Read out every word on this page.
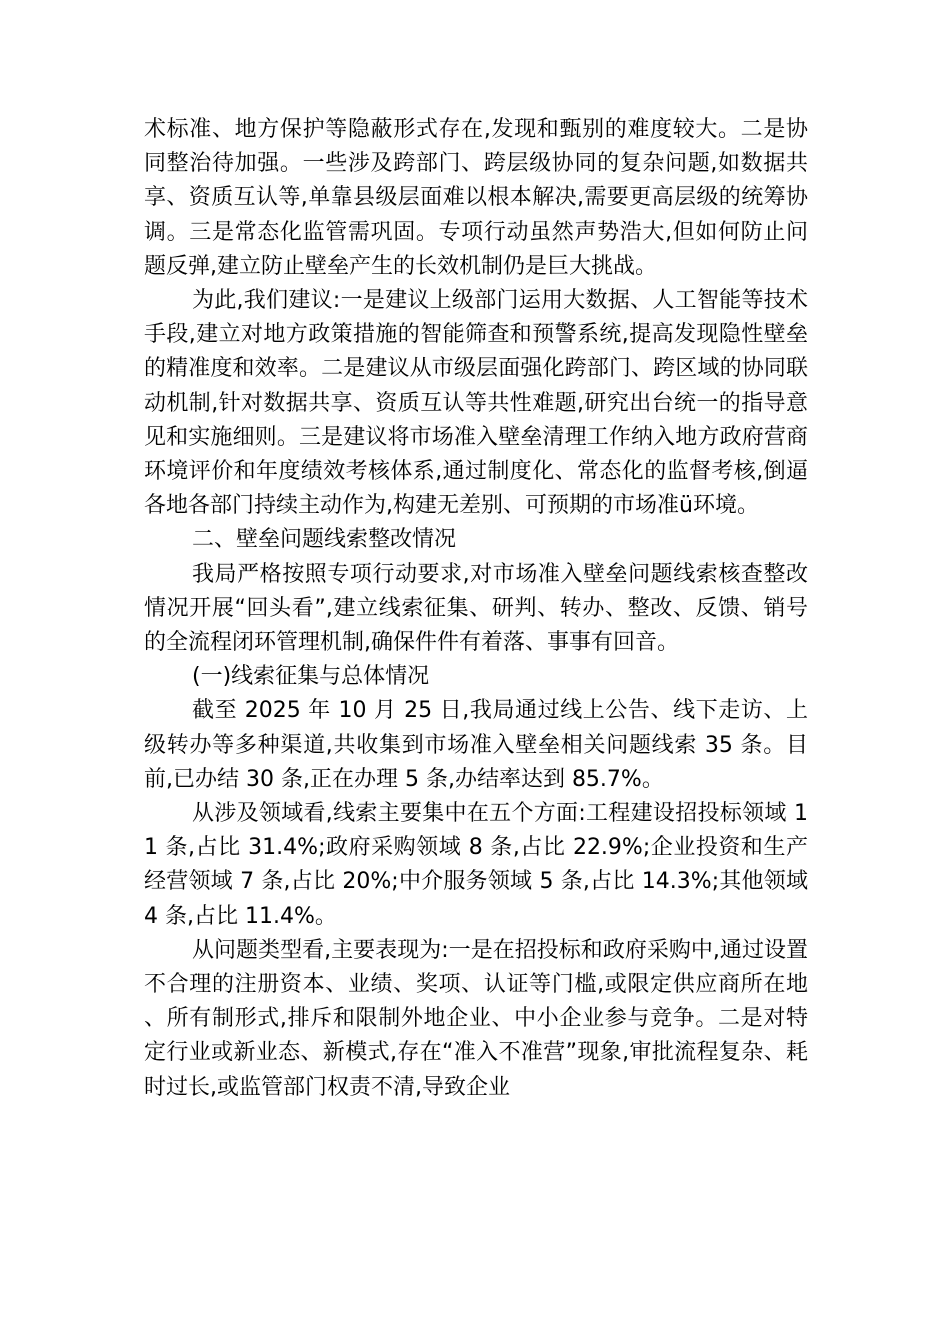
术标准、地方保护等隐蔽形式存在,发现和甄别的难度较大。二是协同整治待加强。一些涉及跨部门、跨层级协同的复杂问题,如数据共享、资质互认等,单靠县级层面难以根本解决,需要更高层级的统筹协调。三是常态化监管需巩固。专项行动虽然声势浩大,但如何防止问题反弹,建立防止壁垒产生的长效机制仍是巨大挑战。

为此,我们建议:一是建议上级部门运用大数据、人工智能等技术手段,建立对地方政策措施的智能筛查和预警系统,提高发现隐性壁垒的精准度和效率。二是建议从市级层面强化跨部门、跨区域的协同联动机制,针对数据共享、资质互认等共性难题,研究出台统一的指导意见和实施细则。三是建议将市场准入壁垒清理工作纳入地方政府营商环境评价和年度绩效考核体系,通过制度化、常态化的监督考核,倒逼各地各部门持续主动作为,构建无差别、可预期的市场准ü环境。

二、壁垒问题线索整改情况

我局严格按照专项行动要求,对市场准入壁垒问题线索核查整改情况开展“回头看”,建立线索征集、研判、转办、整改、反馈、销号的全流程闭环管理机制,确保件件有着落、事事有回音。

(一)线索征集与总体情况

截至 2025 年 10 月 25 日,我局通过线上公告、线下走访、上级转办等多种渠道,共收集到市场准入壁垒相关问题线索 35 条。目前,已办结 30 条,正在办理 5 条,办结率达到 85.7%。

从涉及领域看,线索主要集中在五个方面:工程建设招投标领域 11 条,占比 31.4%;政府采购领域 8 条,占比 22.9%;企业投资和生产经营领域 7 条,占比 20%;中介服务领域 5 条,占比 14.3%;其他领域 4 条,占比 11.4%。

从问题类型看,主要表现为:一是在招投标和政府采购中,通过设置不合理的注册资本、业绩、奖项、认证等门槛,或限定供应商所在地、所有制形式,排斥和限制外地企业、中小企业参与竞争。二是对特定行业或新业态、新模式,存在“准入不准营”现象,审批流程复杂、耗时过长,或监管部门权责不清,导致企业
